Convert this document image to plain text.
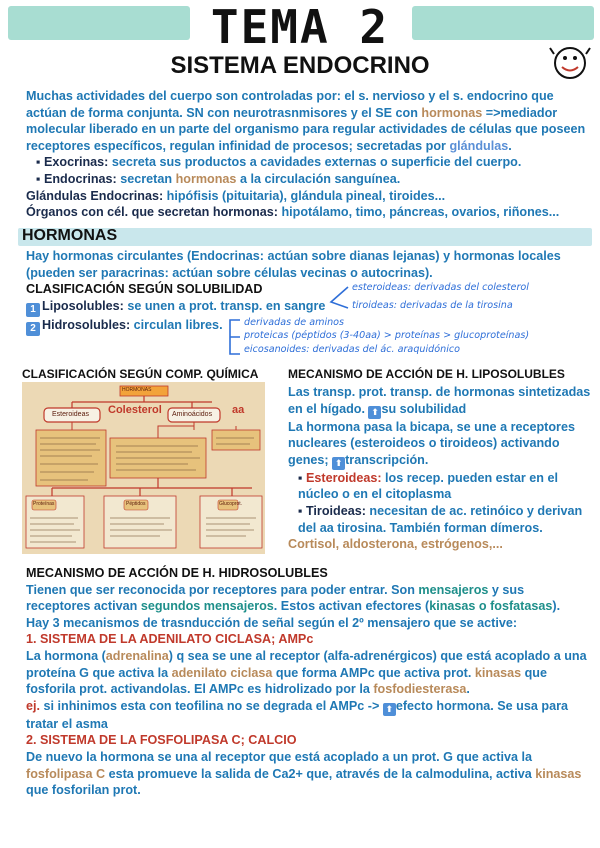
TEMA 2
SISTEMA ENDOCRINO

Muchas actividades del cuerpo son controladas por: el s. nervioso y el s. endocrino que actúan de forma conjunta. SN con neurotrasnmisores y el SE con hormonas =>mediador molecular liberado en un parte del organismo para regular actividades de células que poseen receptores específicos, regulan infinidad de procesos; secretadas por glándulas.

▪ Exocrinas: secreta sus productos a cavidades externas o superficie del cuerpo.

▪ Endocrinas: secretan hormonas a la circulación sanguínea.

Glándulas Endocrinas: hipófisis (pituitaria), glándula pineal, tiroides...

Órganos con cél. que secretan hormonas: hipotálamo, timo, páncreas, ovarios, riñones...

HORMONAS

Hay hormonas circulantes (Endocrinas: actúan sobre dianas lejanas) y hormonas locales (pueden ser paracrinas: actúan sobre células vecinas o autocrinas).

CLASIFICACIÓN SEGÚN SOLUBILIDAD

1 Liposolubles: se unen a prot. transp. en sangre

2 Hidrosolubles: circulan libres.

esteroideas: derivadas del colesterol
tiroideas: derivadas de la tirosina
derivadas de aminos
proteicas (péptidos (3-40aa) > proteínas > glucoproteínas)
eicosanoides: derivadas del ác. araquidónico
CLASIFICACIÓN SEGÚN COMP. QUÍMICA
HORMONAS
Esteroideas	Aminoácidos
Colesterol	aa
Proteínas	Péptidos	Glucoprot.
MECANISMO DE ACCIÓN DE H. LIPOSOLUBLES

Las transp. prot. transp. de hormonas sintetizadas en el hígado. ⬆ su solubilidad

La hormona pasa la bicapa, se une a receptores nucleares (esteroideos o tiroideos) activando genes; ⬆ transcripción.

▪ Esteroideas: los recep. pueden estar en el núcleo o en el citoplasma

▪ Tiroideas: necesitan de ac. retinóico y derivan del aa tirosina. También forman dímeros.

Cortisol, aldosterona, estrógenos,...

MECANISMO DE ACCIÓN DE H. HIDROSOLUBLES

Tienen que ser reconocida por receptores para poder entrar. Son mensajeros y sus receptores activan segundos mensajeros. Estos activan efectores (kinasas o fosfatasas).

Hay 3 mecanismos de trasnducción de señal según el 2º mensajero que se active:

1. SISTEMA DE LA ADENILATO CICLASA; AMPc

La hormona (adrenalina) q sea se une al receptor (alfa-adrenérgicos) que está acoplado a una proteína G que activa la adenilato ciclasa que forma AMPc que activa prot. kinasas que fosforila prot. activandolas. El AMPc es hidrolizado por la fosfodiesterasa.

ej. si inhinimos esta con teofilina no se degrada el AMPc -> ⬆ efecto hormona. Se usa para tratar el asma

2. SISTEMA DE LA FOSFOLIPASA C; CALCIO

De nuevo la hormona se una al receptor que está acoplado a un prot. G que activa la fosfolipasa C esta promueve la salida de Ca2+ que, através de la calmodulina, activa kinasas que fosforilan prot.
